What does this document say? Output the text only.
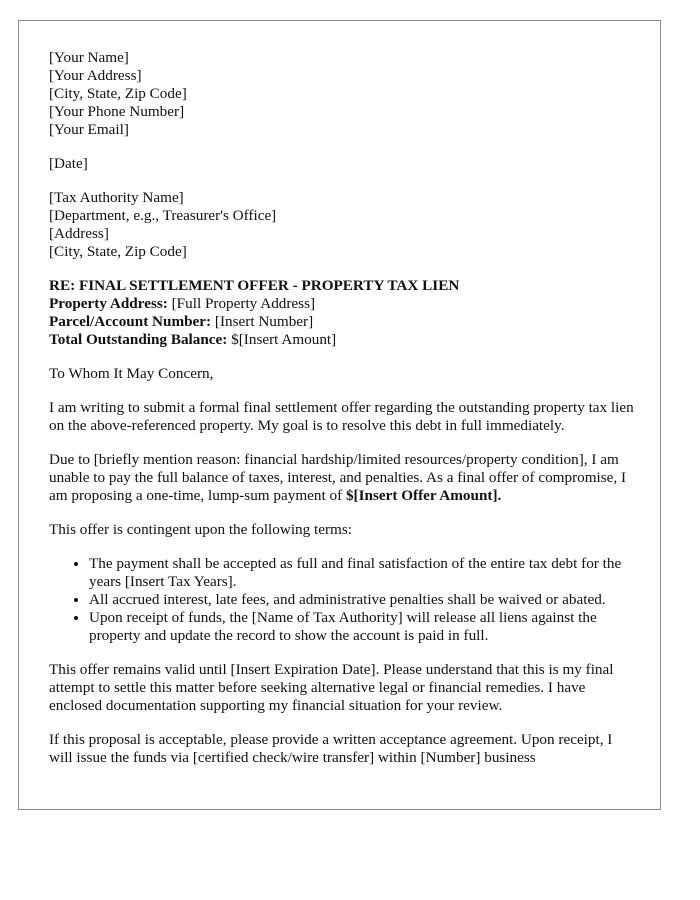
[Your Name]
[Your Address]
[City, State, Zip Code]
[Your Phone Number]
[Your Email]
[Date]
[Tax Authority Name]
[Department, e.g., Treasurer's Office]
[Address]
[City, State, Zip Code]
RE: FINAL SETTLEMENT OFFER - PROPERTY TAX LIEN
Property Address: [Full Property Address]
Parcel/Account Number: [Insert Number]
Total Outstanding Balance: $[Insert Amount]

To Whom It May Concern,

I am writing to submit a formal final settlement offer regarding the outstanding property tax lien on the above-referenced property. My goal is to resolve this debt in full immediately.

Due to [briefly mention reason: financial hardship/limited resources/property condition], I am unable to pay the full balance of taxes, interest, and penalties. As a final offer of compromise, I am proposing a one-time, lump-sum payment of $[Insert Offer Amount].

This offer is contingent upon the following terms:

• The payment shall be accepted as full and final satisfaction of the entire tax debt for the years [Insert Tax Years].
• All accrued interest, late fees, and administrative penalties shall be waived or abated.
• Upon receipt of funds, the [Name of Tax Authority] will release all liens against the property and update the record to show the account is paid in full.

This offer remains valid until [Insert Expiration Date]. Please understand that this is my final attempt to settle this matter before seeking alternative legal or financial remedies. I have enclosed documentation supporting my financial situation for your review.

If this proposal is acceptable, please provide a written acceptance agreement. Upon receipt, I will issue the funds via [certified check/wire transfer] within [Number] business
